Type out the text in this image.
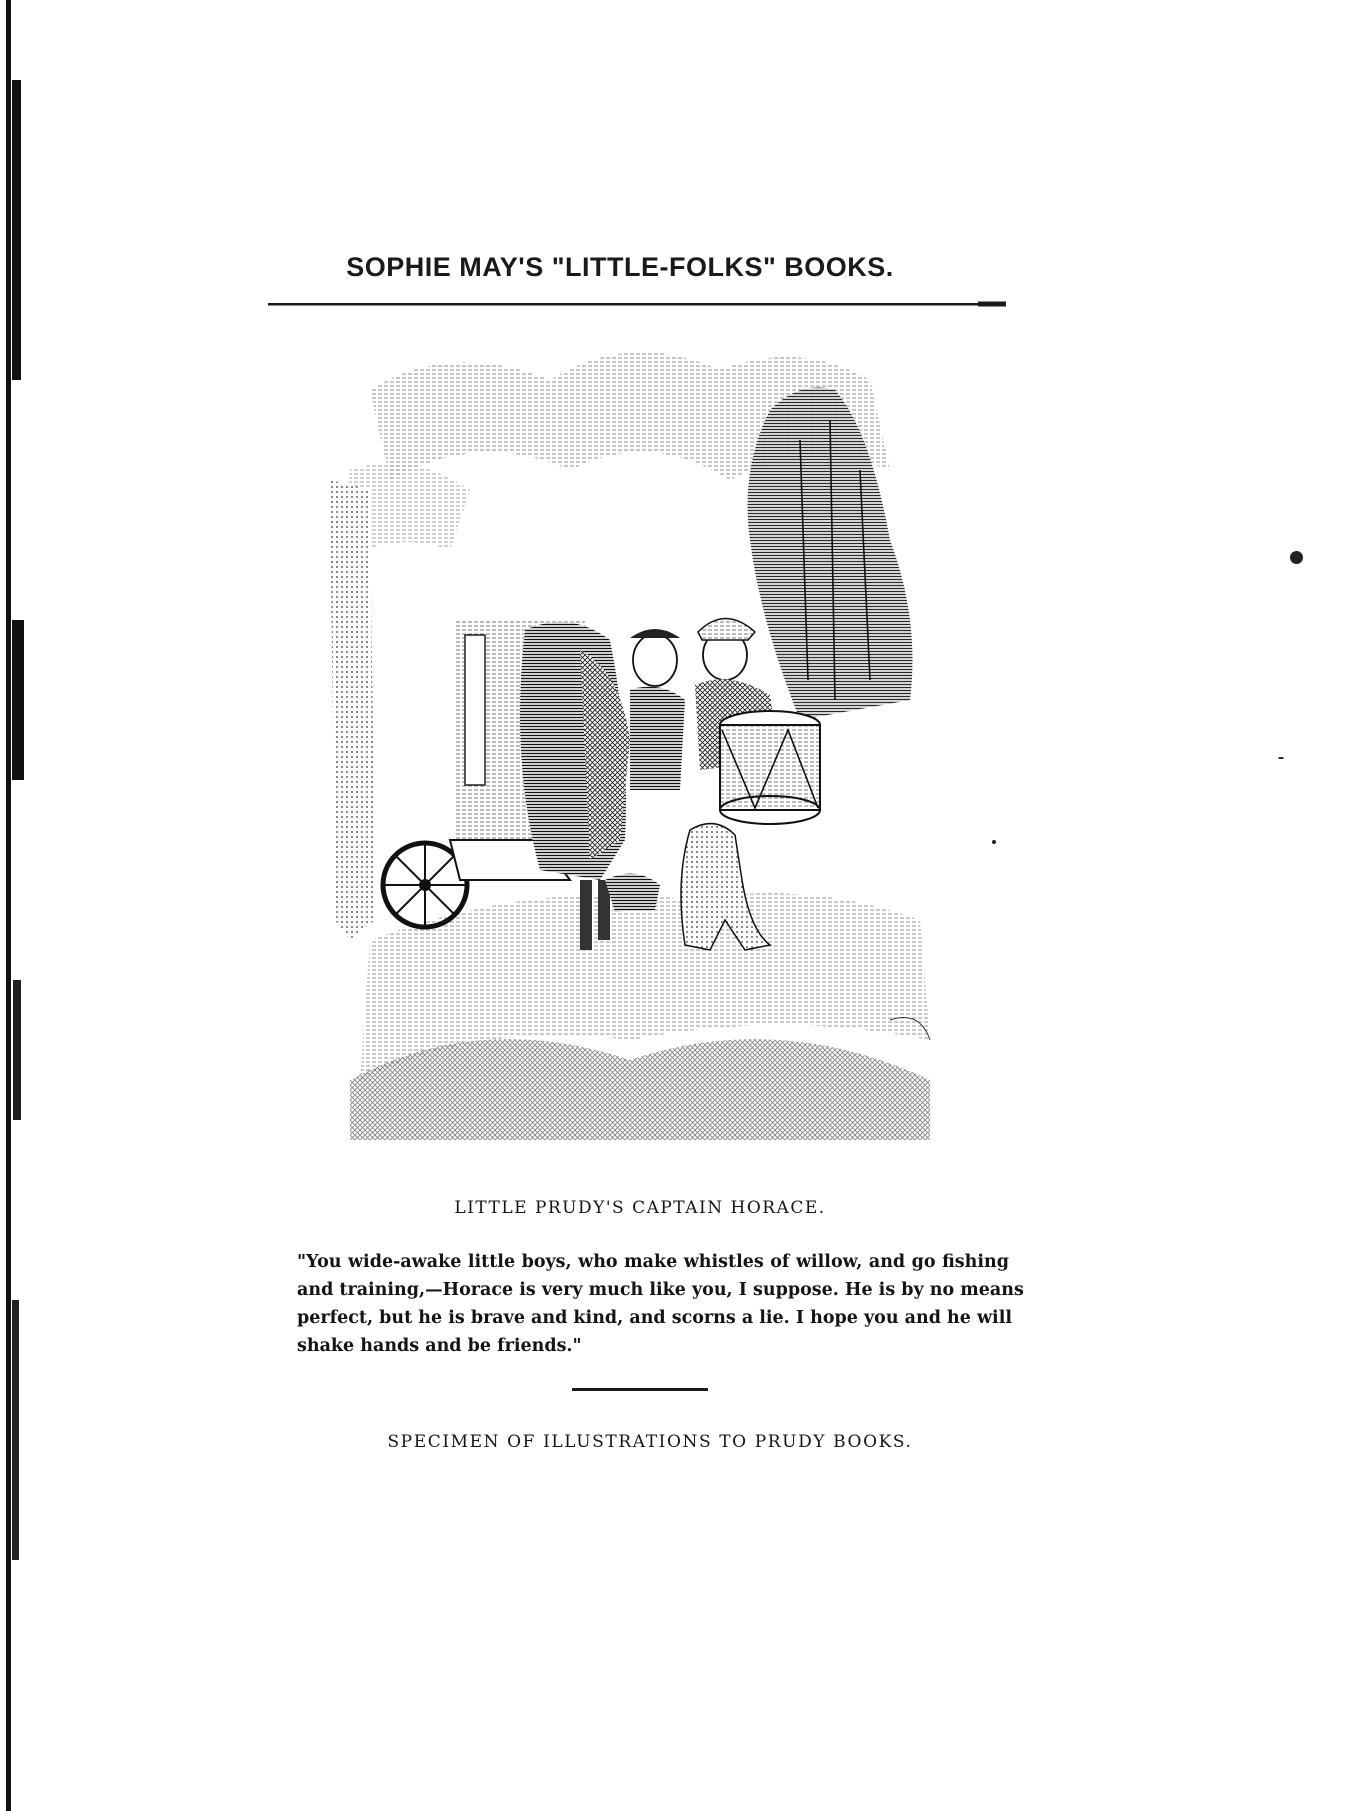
SOPHIE MAY'S "LITTLE-FOLKS" BOOKS.
LITTLE PRUDY'S CAPTAIN HORACE.
"You wide-awake little boys, who make whistles of willow, and go fishing
and training,—Horace is very much like you, I suppose. He is by no means
perfect, but he is brave and kind, and scorns a lie. I hope you and he will
shake hands and be friends."
SPECIMEN OF ILLUSTRATIONS TO PRUDY BOOKS.
